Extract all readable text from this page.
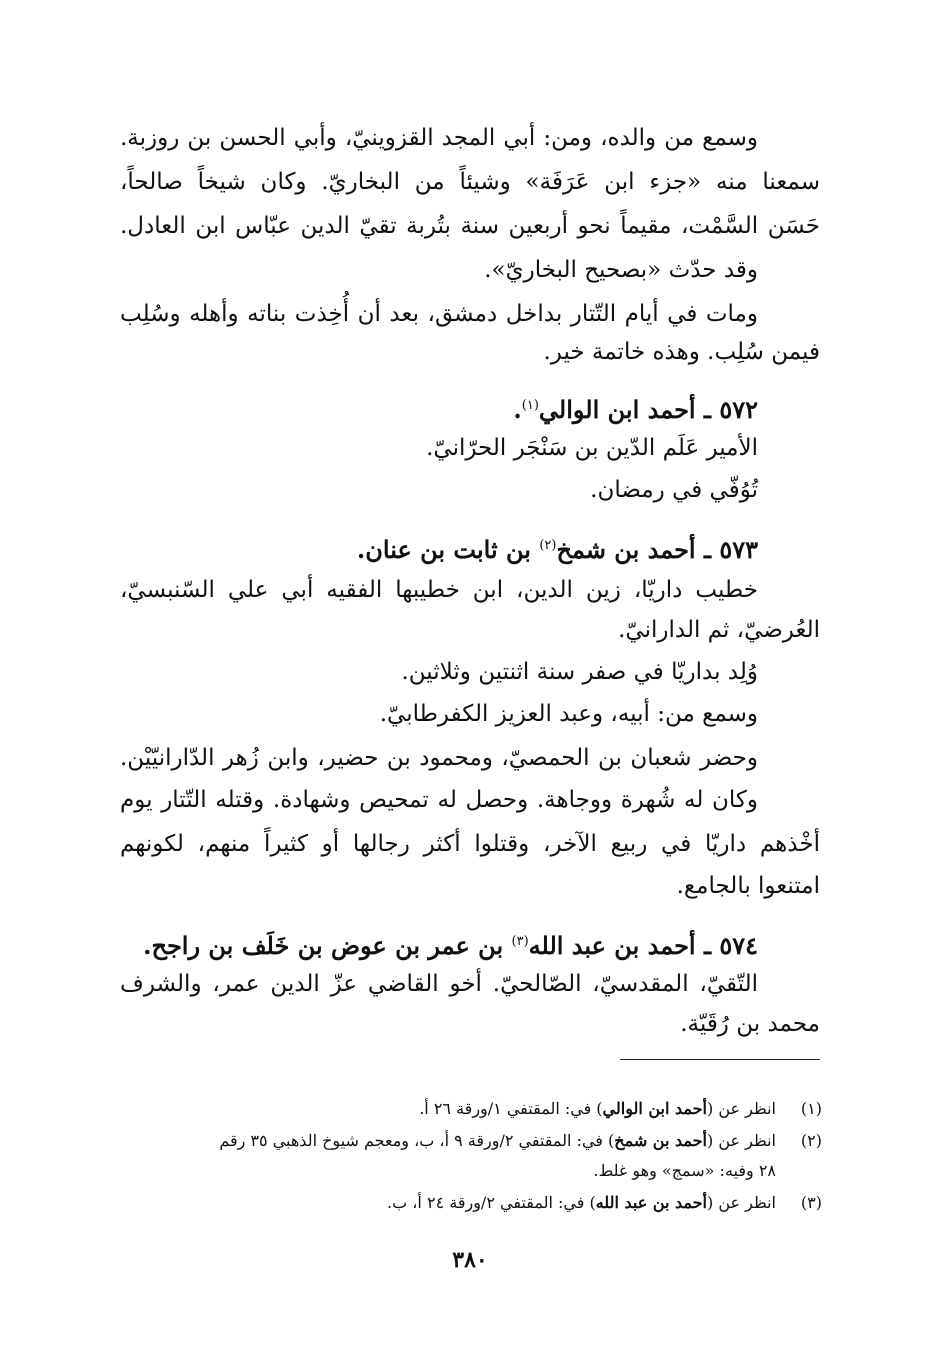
وسمع من والده، ومن: أبي المجد القزوينيّ، وأبي الحسن بن روزبة.
سمعنا منه «جزء ابن عَرَفَة» وشيئاً من البخاريّ. وكان شيخاً صالحاً،
حَسَن السَّمْت، مقيماً نحو أربعين سنة بتُربة تقيّ الدين عبّاس ابن العادل.
وقد حدّث «بصحيح البخاريّ».
ومات في أيام التّتار بداخل دمشق، بعد أن أُخِذت بناته وأهله وسُلِب
فيمن سُلِب. وهذه خاتمة خير.
٥٧٢ ـ أحمد ابن الوالي$^{(١)}$.
الأمير عَلَم الدّين بن سَنْجَر الحرّانيّ.
تُوُفّي في رمضان.
٥٧٣ ـ أحمد بن شمخ$^{(٢)}$ بن ثابت بن عنان.
خطيب داريّا، زين الدين، ابن خطيبها الفقيه أبي علي السّنبسيّ،
العُرضيّ، ثم الدارانيّ.
وُلِد بداريّا في صفر سنة اثنتين وثلاثين.
وسمع من: أبيه، وعبد العزيز الكفرطابيّ.
وحضر شعبان بن الحمصيّ، ومحمود بن حضير، وابن زُهر الدّارانيّيْن.
وكان له شُهرة ووجاهة. وحصل له تمحيص وشهادة. وقتله التّتار يوم
أخْذهم داريّا في ربيع الآخر، وقتلوا أكثر رجالها أو كثيراً منهم، لكونهم
امتنعوا بالجامع.
٥٧٤ ـ أحمد بن عبد الله$^{(٣)}$ بن عمر بن عوض بن خَلَف بن راجح.
التّقيّ، المقدسيّ، الصّالحيّ. أخو القاضي عزّ الدين عمر، والشرف
محمد بن رُقَيّة.
(١)انظر عن (أحمد ابن الوالي) في: المقتفي ١/ورقة ٢٦ أ.
(٢)انظر عن (أحمد بن شمخ) في: المقتفي ٢/ورقة ٩ أ، ب، ومعجم شيوخ الذهبي ٣٥ رقم
٢٨ وفيه: «سمج» وهو غلط.
(٣)انظر عن (أحمد بن عبد الله) في: المقتفي ٢/ورقة ٢٤ أ، ب.
٣٨٠
